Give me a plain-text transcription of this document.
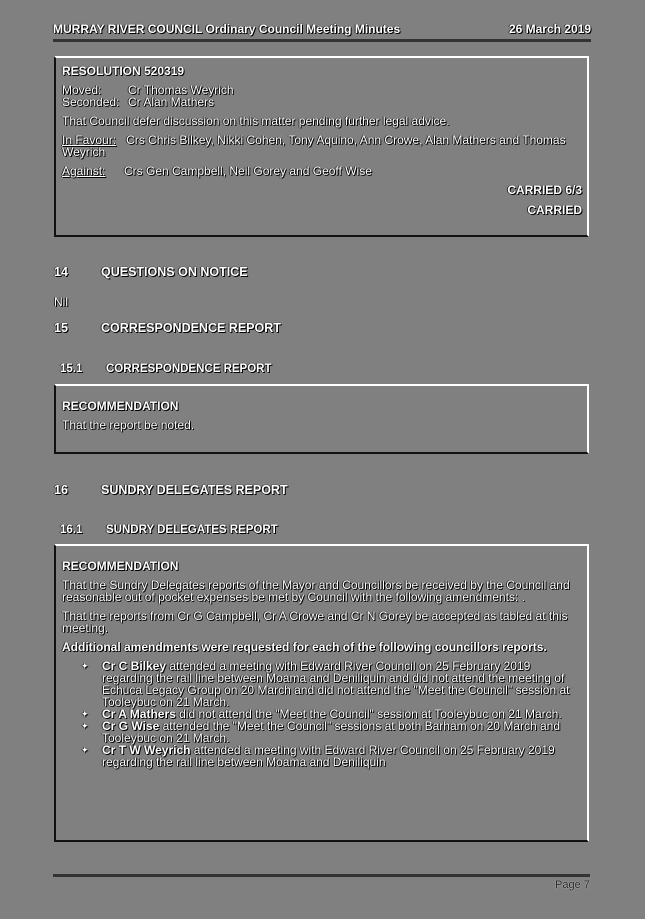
MURRAY RIVER COUNCIL Ordinary Council Meeting Minutes	26 March 2019
RESOLUTION 520319
Moved:	Cr Thomas Weyrich
Seconded: Cr Alan Mathers
That Council defer discussion on this matter pending further legal advice.
In Favour: Crs Chris Bilkey, Nikki Cohen, Tony Aquino, Ann Crowe, Alan Mathers and Thomas Weyrich
Against:	Crs Gen Campbell, Neil Gorey and Geoff Wise
CARRIED 6/3
CARRIED
14	QUESTIONS ON NOTICE
Nil
15	CORRESPONDENCE REPORT
15.1	CORRESPONDENCE REPORT
RECOMMENDATION
That the report be noted.
16	SUNDRY DELEGATES REPORT
16.1	SUNDRY DELEGATES REPORT
RECOMMENDATION
That the Sundry Delegates reports of the Mayor and Councillors be received by the Council and reasonable out of pocket expenses be met by Council with the following amendments: .
That the reports from Cr G Campbell, Cr A Crowe and Cr N Gorey be accepted as tabled at this meeting.
Additional amendments were requested for each of the following councillors reports.
✦ Cr C Bilkey attended a meeting with Edward River Council on 25 February 2019 regarding the rail line between Moama and Deniliquin and did not attend the meeting of Echuca Legacy Group on 20 March and did not attend the "Meet the Council" session at Tooleybuc on 21 March.
✦ Cr A Mathers did not attend the "Meet the Council" session at Tooleybuc on 21 March.
✦ Cr G Wise attended the "Meet the Council" sessions at both Barham on 20 March and Tooleybuc on 21 March.
✦ Cr T W Weyrich attended a meeting with Edward River Council on 25 February 2019 regarding the rail line between Moama and Deniliquin
Page 7
